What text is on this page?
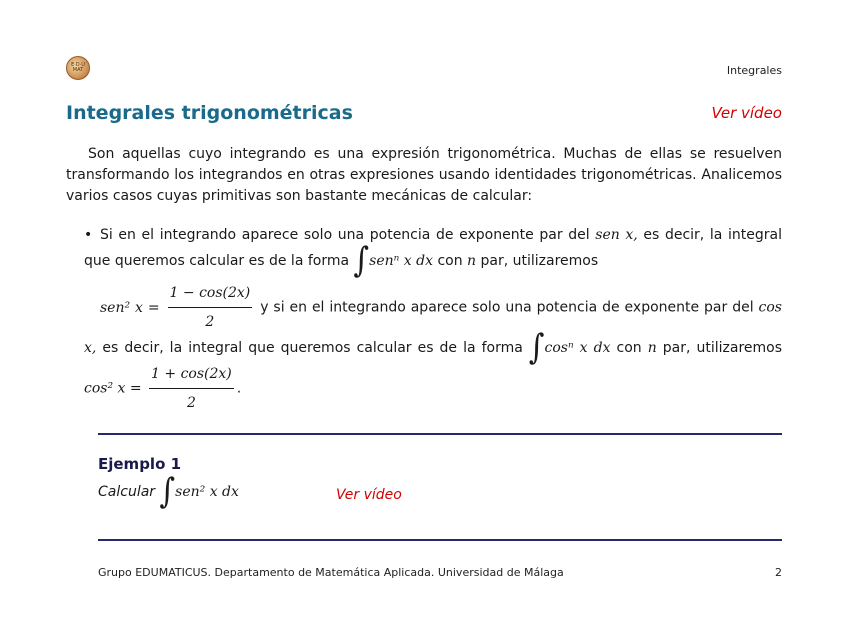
E·D·U MAT	Integrales
Integrales trigonométricas	Ver vídeo
Son aquellas cuyo integrando es una expresión trigonométrica. Muchas de ellas se resuelven transformando los integrandos en otras expresiones usando identidades trigonométricas. Analicemos varios casos cuyas primitivas son bastante mecánicas de calcular:
• Si en el integrando aparece solo una potencia de exponente par del sen x, es decir, la integral que queremos calcular es de la forma ∫senⁿ x dx con n par, utilizaremos
sen² $x = \frac{1 - \cos(2x)}{2}$ y si en el integrando aparece solo una potencia de exponente par del cos x, es decir, la integral que queremos calcular es de la forma ∫cosⁿ x dx con n par, utilizaremos cos² $x = \frac{1 + \cos(2x)}{2}$ .
Ejemplo 1
Calcular ∫sen² x dx	Ver vídeo
Grupo EDUMATICUS. Departamento de Matemática Aplicada. Universidad de Málaga	2
